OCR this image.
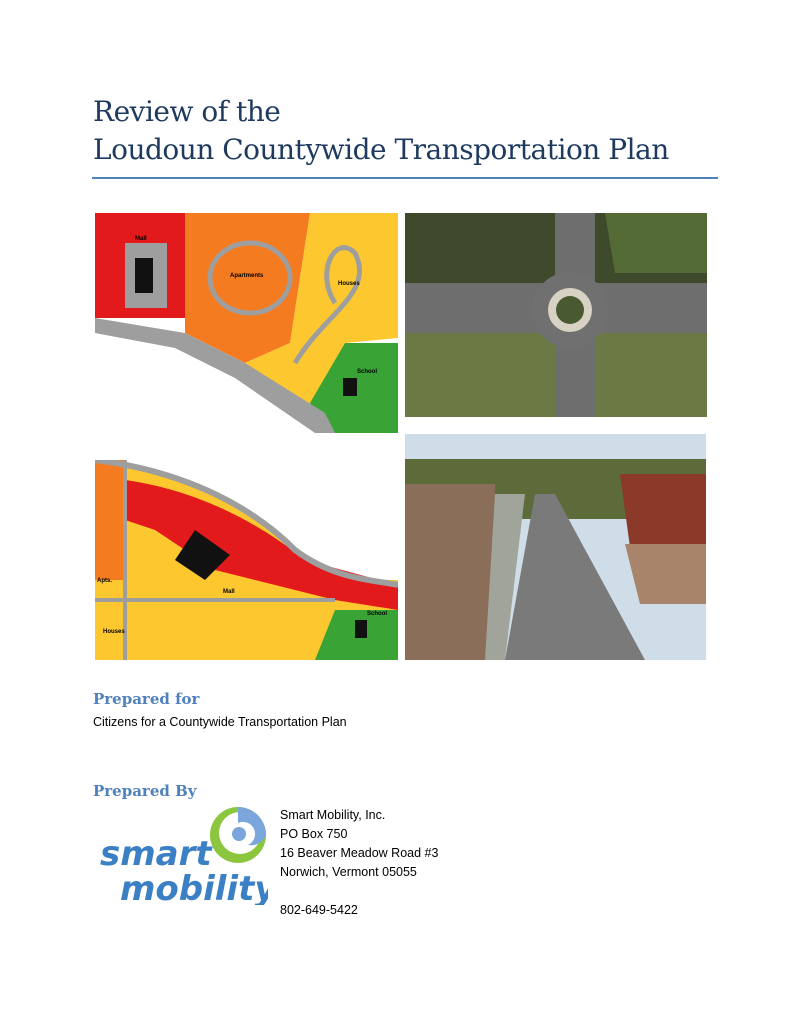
Review of the
Loudoun Countywide Transportation Plan
Mall
Apartments
Houses
School
Apts.
Mall
Houses
School
Prepared for
Citizens for a Countywide Transportation Plan
Prepared By
smart
mobility
Smart Mobility, Inc.
PO Box 750
16 Beaver Meadow Road #3
Norwich, Vermont 05055
802-649-5422
